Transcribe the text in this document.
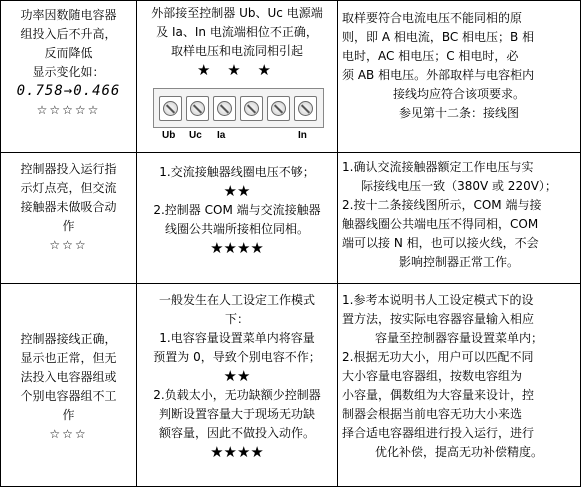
功率因数随电容器
组投入后不升高，
反而降低
显示变化如：
0.758→0.466
☆☆☆☆☆
外部接至控制器 Ub、Uc 电源端
及 Ia、In 电流端相位不正确，
取样电压和电流同相引起
★ ★ ★
Ub Uc Ia	In
取样要符合电流电压不能同相的原
则，即 A 相电流，BC 相电压；B 相
电时，AC 相电压；C 相电时，必
须 AB 相电压。外部取样与电容柜内
接线均应符合该项要求。
参见第十二条：接线图
控制器投入运行指
示灯点亮，但交流
接触器未做吸合动
作
☆☆☆
1.交流接触器线圈电压不够；
★★
2.控制器 COM 端与交流接触器
线圈公共端所接相位同相。
★★★★
1.确认交流接触器额定工作电压与实
际接线电压一致（380V 或 220V）；
2.按十二条接线图所示，COM 端与接
触器线圈公共端电压不得同相，COM
端可以接 N 相，也可以接火线，不会
影响控制器正常工作。
控制器接线正确，
显示也正常，但无
法投入电容器组或
个别电容器组不工
作
☆☆☆
一般发生在人工设定工作模式
下：
1.电容容量设置菜单内将容量
预置为 0，导致个别电容不作；
★★
2.负载太小，无功缺额少控制器
判断设置容量大于现场无功缺
额容量，因此不做投入动作。
★★★★
1.参考本说明书人工设定模式下的设
置方法，按实际电容器容量输入相应
容量至控制器容量设置菜单内；
2.根据无功大小，用户可以匹配不同
大小容量电容器组，按数电容组为
小容量，偶数组为大容量来设计，控
制器会根据当前电容无功大小来选
择合适电容器组进行投入运行，进行
优化补偿，提高无功补偿精度。
